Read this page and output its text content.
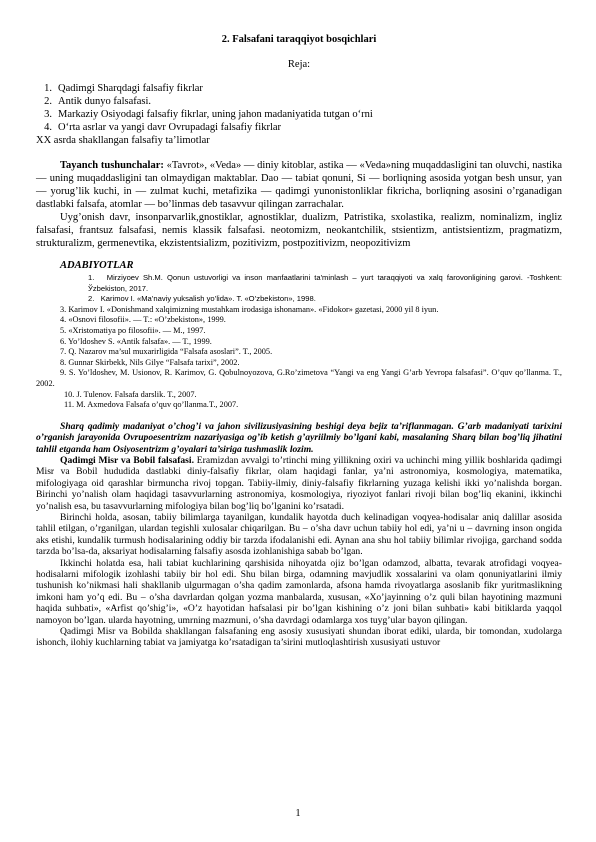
2. Falsafani taraqqiyot bosqichlari
Reja:
1. Qadimgi Sharqdagi falsafiy fikrlar
2. Antik dunyo falsafasi.
3. Markaziy Osiyodagi falsafiy fikrlar, uning jahon madaniyatida tutgan o‘rni
4. O‘rta asrlar va yangi davr Ovrupadagi falsafiy fikrlar
XX asrda shakllangan falsafiy ta’limotlar

Tayanch tushunchalar: «Tavrot», «Veda» — diniy kitoblar, astika — «Veda»ning muqaddasligini tan oluvchi, nastika — uning muqaddasligini tan olmaydigan maktablar. Dao — tabiat qonuni, Si — borliqning asosida yotgan besh unsur, yan — yorug’lik kuchi, in — zulmat kuchi, metafizika — qadimgi yunonistonliklar fikricha, borliqning asosini o’rganadigan dastlabki falsafa, atomlar — bo’linmas deb tasavvur qilingan zarrachalar.

Uyg’onish davr, insonparvarlik,gnostiklar, agnostiklar, dualizm, Patristika, sxolastika, realizm, nominalizm, ingliz falsafasi, frantsuz falsafasi, nemis klassik falsafasi. neotomizm, neokantchilik, stsientizm, antistsientizm, pragmatizm, strukturalizm, germenevtika, ekzistentsializm, pozitivizm, postpozitivizm, neopozitivizm

ADABIYOTLAR

1. Mirziyoev Sh.M. Qonun ustuvorligi va inson manfaatlarini ta'minlash – yurt taraqqiyoti va xalq farovonligining garovi. -Toshkent: Ўzbekiston, 2017.

2. Karimov I. «Ma’naviy yuksalish yo’lida». T. «O’zbekiston», 1998.

3. Karimov I. «Donishmand xalqimizning mustahkam irodasiga ishonaman». «Fidokor» gazetasi, 2000 yil 8 iyun.

4. «Osnovi filosofii». — T.: «O’zbekiston», 1999.

5. «Xristomatiya po filosofii». — M., 1997.

6. Yo’ldoshev S. «Antik falsafa». — T., 1999.

7. Q. Nazarov ma’sul muxarirligida “Falsafa asoslari”. T., 2005.

8. Gunnar Skirbekk, Nils Gilye “Falsafa tarixi”, 2002.

9. S. Yo’ldoshev, M. Usionov, R. Karimov, G. Qobulnoyozova, G.Ro’zimetova “Yangi va eng Yangi G’arb Yevropa falsafasi”. O’quv qo’llanma. T., 2002.

10. J. Tulenov. Falsafa darslik. T., 2007.

11. M. Axmedova Falsafa o’quv qo’llanma.T., 2007.

Sharq qadimiy madaniyat o’chog’i va jahon sivilizusiyasining beshigi deya bejiz ta’riflanmagan. G’arb madaniyati tarixini o’rganish jarayonida Ovrupoesentrizm nazariyasiga og’ib ketish g’ayriilmiy bo’lgani kabi, masalaning Sharq bilan bog’liq jihatini tahlil etganda ham Osiyosentrizm g’oyalari ta’siriga tushmaslik lozim.

Qadimgi Misr va Bobil falsafasi. Eramizdan avvalgi to’rtinchi ming yillikning oxiri va uchinchi ming yillik boshlarida qadimgi Misr va Bobil hududida dastlabki diniy-falsafiy fikrlar, olam haqidagi fanlar, ya’ni astronomiya, kosmologiya, matematika, mifologiyaga oid qarashlar birmuncha rivoj topgan. Tabiiy-ilmiy, diniy-falsafiy fikrlarning yuzaga kelishi ikki yo’nalishda borgan. Birinchi yo’nalish olam haqidagi tasavvurlarning astronomiya, kosmologiya, riyoziyot fanlari rivoji bilan bog’liq ekanini, ikkinchi yo’nalish esa, bu tasavvurlarning mifologiya bilan bog’liq bo’lganini ko’rsatadi.

Birinchi holda, asosan, tabiiy bilimlarga tayanilgan, kundalik hayotda duch kelinadigan voqyea-hodisalar aniq dalillar asosida tahlil etilgan, o’rganilgan, ulardan tegishli xulosalar chiqarilgan. Bu – o’sha davr uchun tabiiy hol edi, ya’ni u – davrning inson ongida aks etishi, kundalik turmush hodisalarining oddiy bir tarzda ifodalanishi edi. Aynan ana shu hol tabiiy bilimlar rivojiga, garchand sodda tarzda bo’lsa-da, aksariyat hodisalarning falsafiy asosda izohlanishiga sabab bo’lgan.

Ikkinchi holatda esa, hali tabiat kuchlarining qarshisida nihoyatda ojiz bo’lgan odamzod, albatta, tevarak atrofidagi voqyea-hodisalarni mifologik izohlashi tabiiy bir hol edi. Shu bilan birga, odamning mavjudlik xossalarini va olam qonuniyatlarini ilmiy tushunish ko’nikmasi hali shakllanib ulgurmagan o’sha qadim zamonlarda, afsona hamda rivoyatlarga asoslanib fikr yuritmaslikning imkoni ham yo’q edi. Bu – o’sha davrlardan qolgan yozma manbalarda, xususan, «Xo’jayinning o’z quli bilan hayotining mazmuni haqida suhbati», «Arfist qo’shig’i», «O’z hayotidan hafsalasi pir bo’lgan kishining o’z joni bilan suhbati» kabi bitiklarda yaqqol namoyon bo’lgan. ularda hayotning, umrning mazmuni, o’sha davrdagi odamlarga xos tuyg’ular bayon qilingan.

Qadimgi Misr va Bobilda shakllangan falsafaning eng asosiy xususiyati shundan iborat ediki, ularda, bir tomondan, xudolarga ishonch, ilohiy kuchlarning tabiat va jamiyatga ko’rsatadigan ta’sirini mutloqlashtirish xususiyati ustuvor

1
